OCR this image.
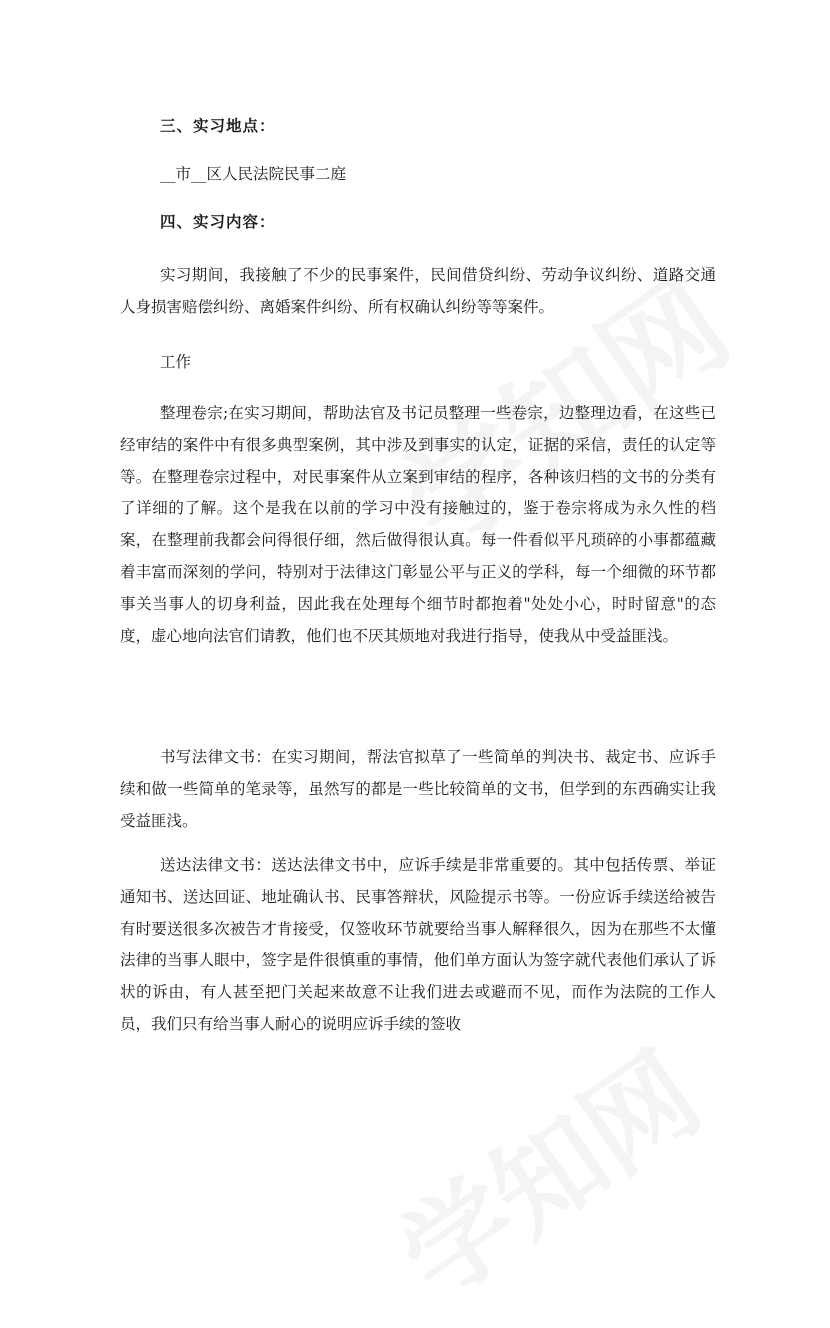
三、实习地点：
__市__区人民法院民事二庭
四、实习内容：

实习期间，我接触了不少的民事案件，民间借贷纠纷、劳动争议纠纷、道路交通人身损害赔偿纠纷、离婚案件纠纷、所有权确认纠纷等等案件。

工作

整理卷宗;在实习期间，帮助法官及书记员整理一些卷宗，边整理边看，在这些已经审结的案件中有很多典型案例，其中涉及到事实的认定，证据的采信，责任的认定等等。在整理卷宗过程中，对民事案件从立案到审结的程序，各种该归档的文书的分类有了详细的了解。这个是我在以前的学习中没有接触过的，鉴于卷宗将成为永久性的档案，在整理前我都会问得很仔细，然后做得很认真。每一件看似平凡琐碎的小事都蕴藏着丰富而深刻的学问，特别对于法律这门彰显公平与正义的学科，每一个细微的环节都事关当事人的切身利益，因此我在处理每个细节时都抱着"处处小心，时时留意"的态度，虚心地向法官们请教，他们也不厌其烦地对我进行指导，使我从中受益匪浅。

书写法律文书：在实习期间，帮法官拟草了一些简单的判决书、裁定书、应诉手续和做一些简单的笔录等，虽然写的都是一些比较简单的文书，但学到的东西确实让我受益匪浅。

送达法律文书：送达法律文书中，应诉手续是非常重要的。其中包括传票、举证通知书、送达回证、地址确认书、民事答辩状，风险提示书等。一份应诉手续送给被告有时要送很多次被告才肯接受，仅签收环节就要给当事人解释很久，因为在那些不太懂法律的当事人眼中，签字是件很慎重的事情，他们单方面认为签字就代表他们承认了诉状的诉由，有人甚至把门关起来故意不让我们进去或避而不见，而作为法院的工作人员，我们只有给当事人耐心的说明应诉手续的签收
